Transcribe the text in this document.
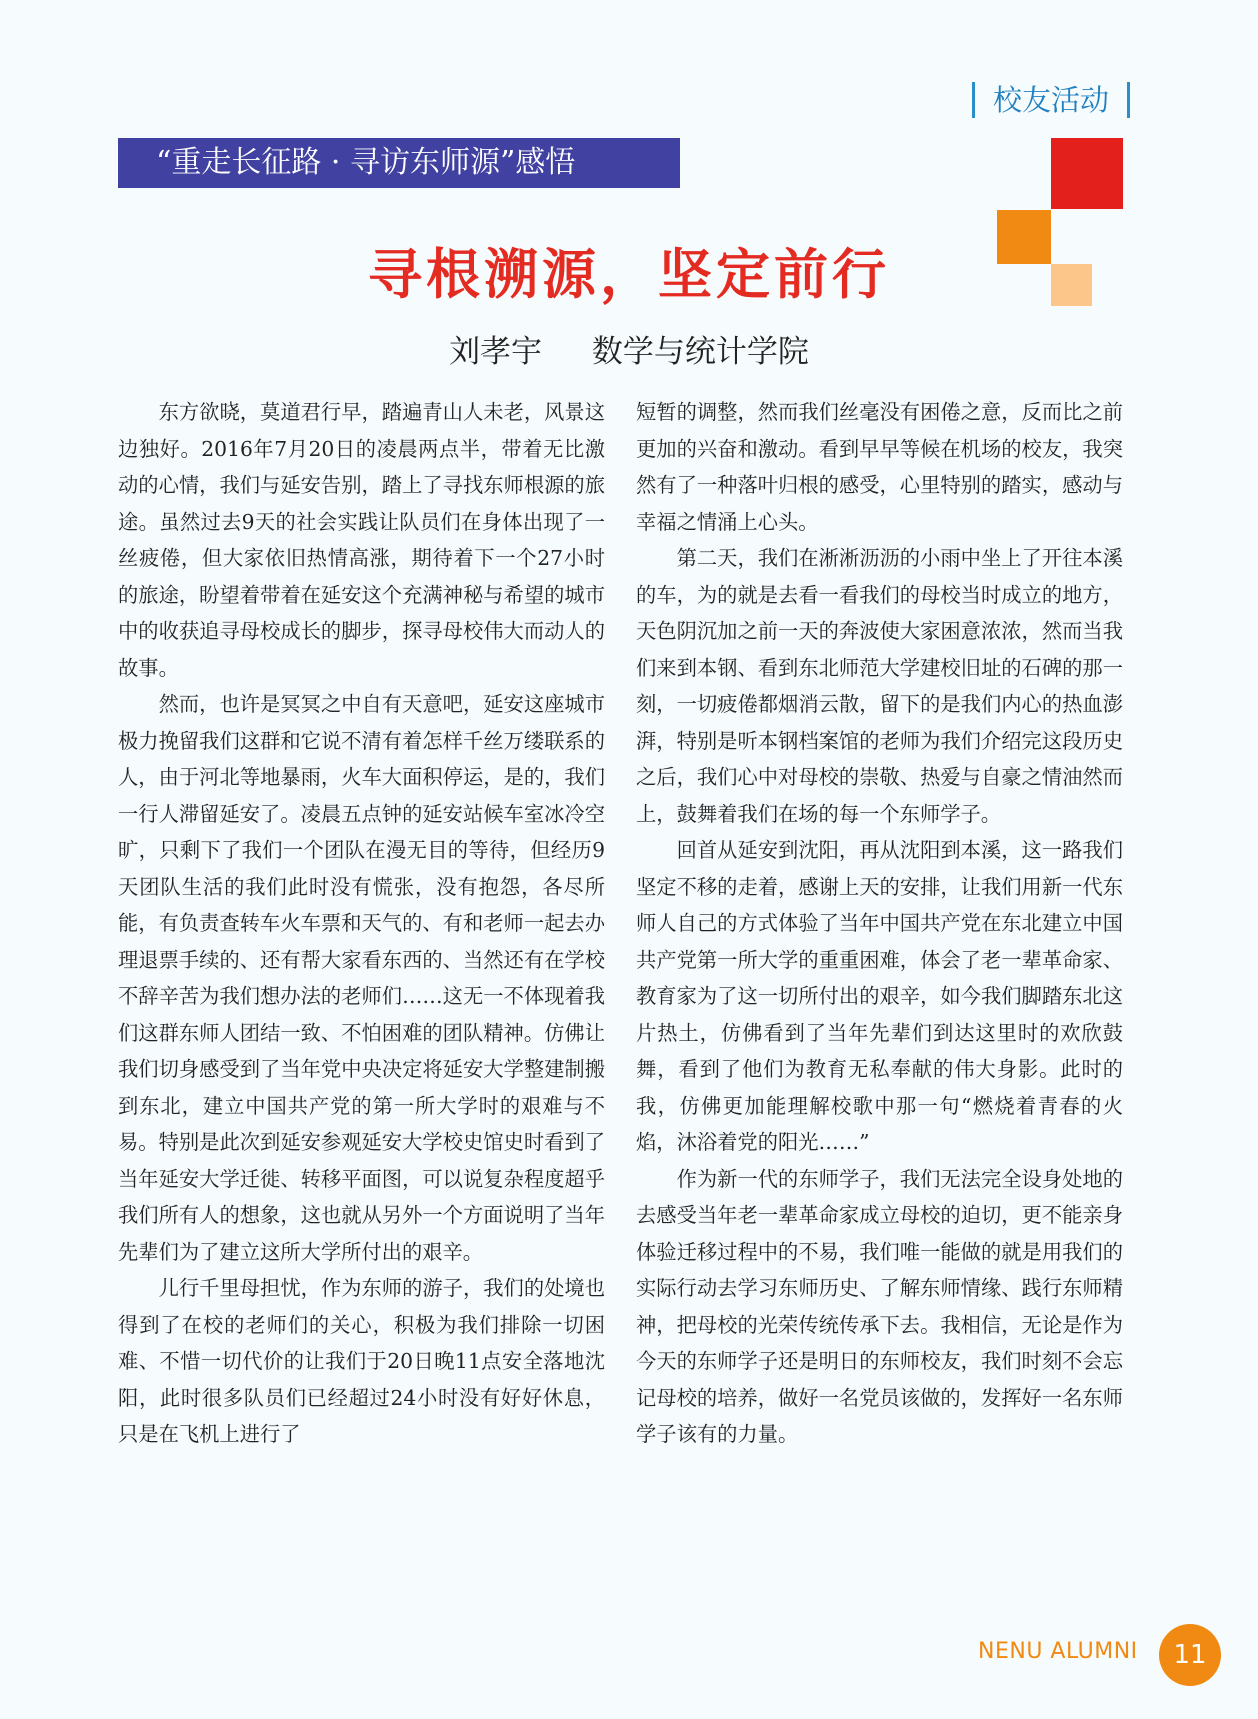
校友活动
“重走长征路 · 寻访东师源”感悟
寻根溯源，坚定前行

刘孝宇 数学与统计学院

东方欲晓，莫道君行早，踏遍青山人未老，风景这边独好。2016年7月20日的凌晨两点半，带着无比激动的心情，我们与延安告别，踏上了寻找东师根源的旅途。虽然过去9天的社会实践让队员们在身体出现了一丝疲倦，但大家依旧热情高涨，期待着下一个27小时的旅途，盼望着带着在延安这个充满神秘与希望的城市中的收获追寻母校成长的脚步，探寻母校伟大而动人的故事。

然而，也许是冥冥之中自有天意吧，延安这座城市极力挽留我们这群和它说不清有着怎样千丝万缕联系的人，由于河北等地暴雨，火车大面积停运，是的，我们一行人滞留延安了。凌晨五点钟的延安站候车室冰冷空旷，只剩下了我们一个团队在漫无目的等待，但经历9天团队生活的我们此时没有慌张，没有抱怨，各尽所能，有负责查转车火车票和天气的、有和老师一起去办理退票手续的、还有帮大家看东西的、当然还有在学校不辞辛苦为我们想办法的老师们……这无一不体现着我们这群东师人团结一致、不怕困难的团队精神。仿佛让我们切身感受到了当年党中央决定将延安大学整建制搬到东北，建立中国共产党的第一所大学时的艰难与不易。特别是此次到延安参观延安大学校史馆史时看到了当年延安大学迁徙、转移平面图，可以说复杂程度超乎我们所有人的想象，这也就从另外一个方面说明了当年先辈们为了建立这所大学所付出的艰辛。

儿行千里母担忧，作为东师的游子，我们的处境也得到了在校的老师们的关心，积极为我们排除一切困难、不惜一切代价的让我们于20日晚11点安全落地沈阳，此时很多队员们已经超过24小时没有好好休息，只是在飞机上进行了

短暂的调整，然而我们丝毫没有困倦之意，反而比之前更加的兴奋和激动。看到早早等候在机场的校友，我突然有了一种落叶归根的感受，心里特别的踏实，感动与幸福之情涌上心头。

第二天，我们在淅淅沥沥的小雨中坐上了开往本溪的车，为的就是去看一看我们的母校当时成立的地方，天色阴沉加之前一天的奔波使大家困意浓浓，然而当我们来到本钢、看到东北师范大学建校旧址的石碑的那一刻，一切疲倦都烟消云散，留下的是我们内心的热血澎湃，特别是听本钢档案馆的老师为我们介绍完这段历史之后，我们心中对母校的崇敬、热爱与自豪之情油然而上，鼓舞着我们在场的每一个东师学子。

回首从延安到沈阳，再从沈阳到本溪，这一路我们坚定不移的走着，感谢上天的安排，让我们用新一代东师人自己的方式体验了当年中国共产党在东北建立中国共产党第一所大学的重重困难，体会了老一辈革命家、教育家为了这一切所付出的艰辛，如今我们脚踏东北这片热土，仿佛看到了当年先辈们到达这里时的欢欣鼓舞，看到了他们为教育无私奉献的伟大身影。此时的我，仿佛更加能理解校歌中那一句“燃烧着青春的火焰，沐浴着党的阳光……”

作为新一代的东师学子，我们无法完全设身处地的去感受当年老一辈革命家成立母校的迫切，更不能亲身体验迁移过程中的不易，我们唯一能做的就是用我们的实际行动去学习东师历史、了解东师情缘、践行东师精神，把母校的光荣传统传承下去。我相信，无论是作为今天的东师学子还是明日的东师校友，我们时刻不会忘记母校的培养，做好一名党员该做的，发挥好一名东师学子该有的力量。

NENU ALUMNI	11
